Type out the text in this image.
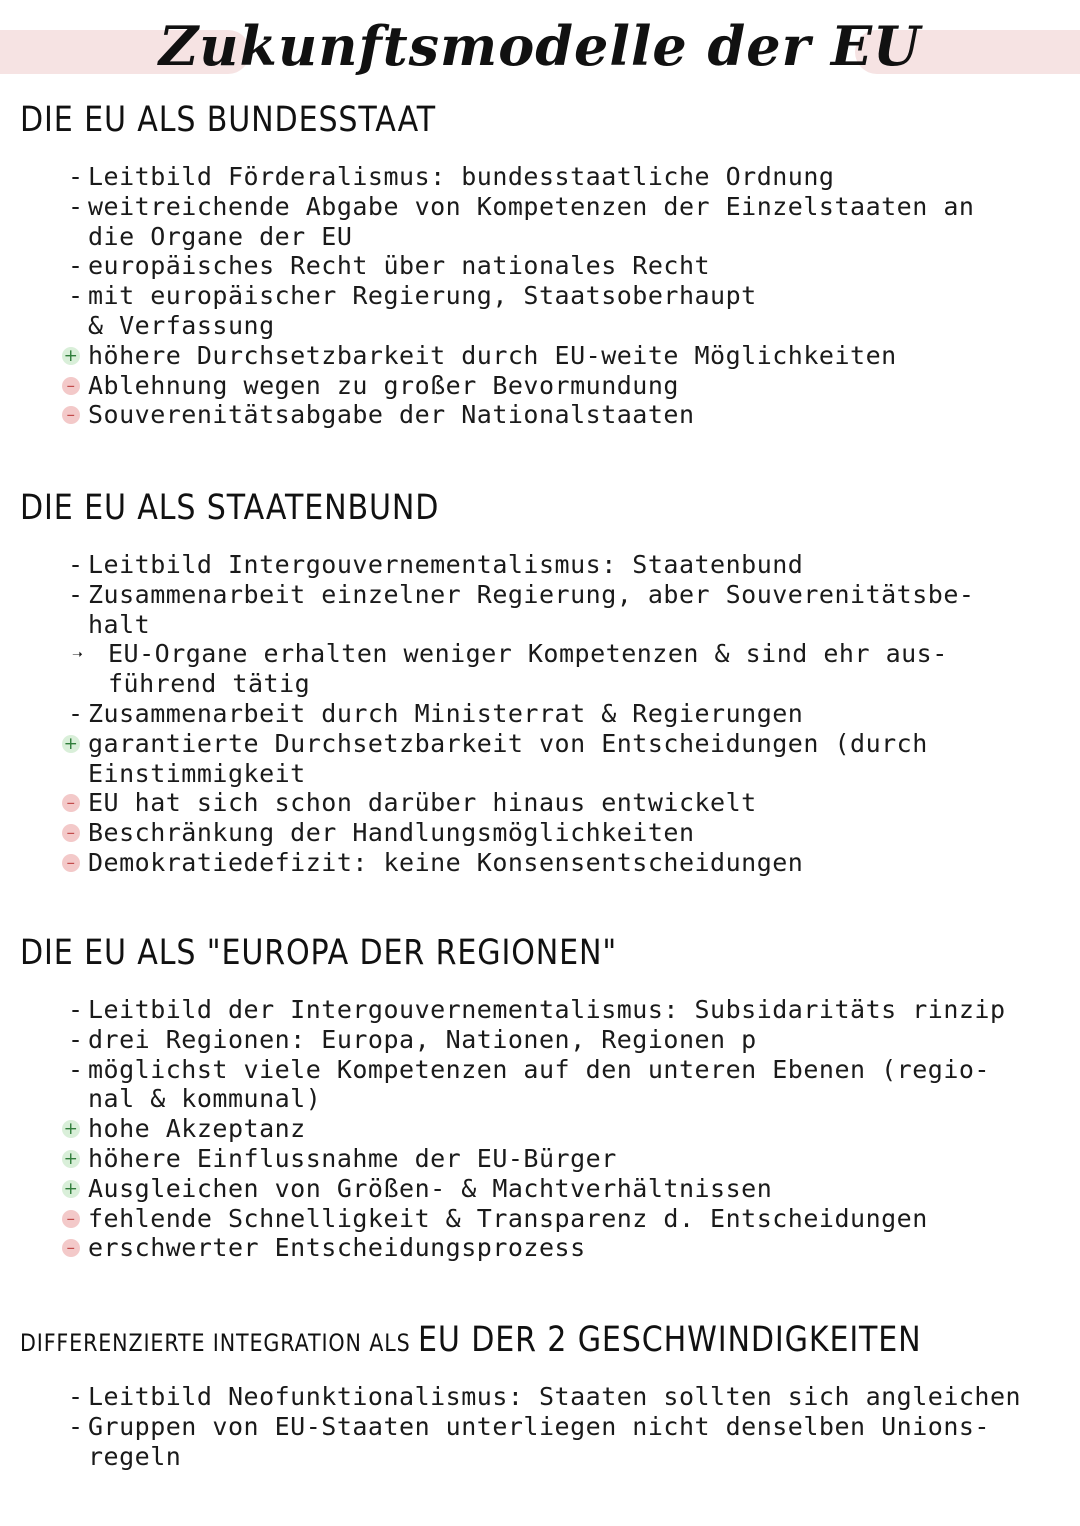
Zukunftsmodelle der EU
DIE EU ALS BUNDESSTAAT
- Leitbild Förderalismus: bundesstaatliche Ordnung
- weitreichende Abgabe von Kompetenzen der Einzelstaaten an
die Organe der EU
- europäisches Recht über nationales Recht
- mit europäischer Regierung, Staatsoberhaupt
& Verfassung
+ höhere Durchsetzbarkeit durch EU-weite Möglichkeiten
– Ablehnung wegen zu großer Bevormundung
– Souverenitätsabgabe der Nationalstaaten
DIE EU ALS STAATENBUND
- Leitbild Intergouvernementalismus: Staatenbund
- Zusammenarbeit einzelner Regierung, aber Souverenitätsbe-
halt
➝ EU-Organe erhalten weniger Kompetenzen & sind ehr aus-
führend tätig
- Zusammenarbeit durch Ministerrat & Regierungen
+ garantierte Durchsetzbarkeit von Entscheidungen (durch
Einstimmigkeit
– EU hat sich schon darüber hinaus entwickelt
– Beschränkung der Handlungsmöglichkeiten
– Demokratiedefizit: keine Konsensentscheidungen
DIE EU ALS "EUROPA DER REGIONEN"
- Leitbild der Intergouvernementalismus: Subsidaritäts rinzip
- drei Regionen: Europa, Nationen, Regionen p
- möglichst viele Kompetenzen auf den unteren Ebenen (regio-
nal & kommunal)
+ hohe Akzeptanz
+ höhere Einflussnahme der EU-Bürger
+ Ausgleichen von Größen- & Machtverhältnissen
– fehlende Schnelligkeit & Transparenz d. Entscheidungen
– erschwerter Entscheidungsprozess
DIFFERENZIERTE INTEGRATION ALS EU DER 2 GESCHWINDIGKEITEN
- Leitbild Neofunktionalismus: Staaten sollten sich angleichen
- Gruppen von EU-Staaten unterliegen nicht denselben Unions-
regeln
